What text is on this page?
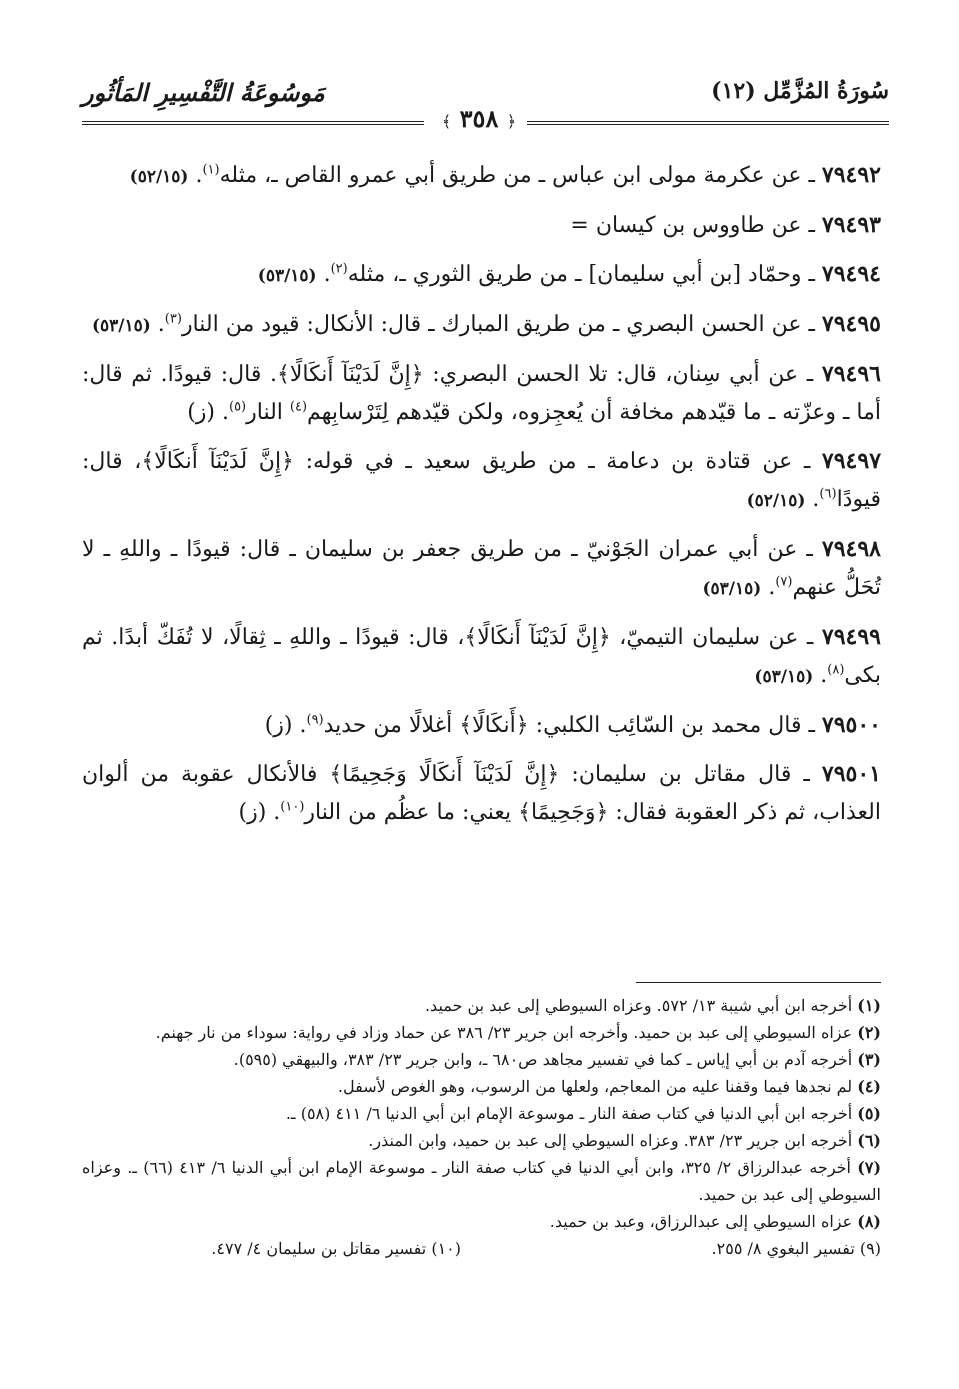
سُورَةُ المُزَّمِّل (١٢)
مَوسُوعَةُ التَّفْسِيرِ المَأثُور
﴿ ٣٥٨ ﴾

٧٩٤٩٢ ـ عن عكرمة مولى ابن عباس ـ من طريق أبي عمرو القاص ـ، مثله$^{(١)}$. (٥٢/١٥)

٧٩٤٩٣ ـ عن طاووس بن كيسان =

٧٩٤٩٤ ـ وحمّاد [بن أبي سليمان] ـ من طريق الثوري ـ، مثله$^{(٢)}$. (٥٣/١٥)

٧٩٤٩٥ ـ عن الحسن البصري ـ من طريق المبارك ـ قال: الأنكال: قيود من النار$^{(٣)}$. (٥٣/١٥)

٧٩٤٩٦ ـ عن أبي سِنان، قال: تلا الحسن البصري: ﴿إِنَّ لَدَيْنَآ أَنكَالًا﴾. قال: قيودًا. ثم قال: أما ـ وعزّته ـ ما قيّدهم مخافة أن يُعجِزوه، ولكن قيّدهم لِتَرْسابِهم$^{(٤)}$ النار$^{(٥)}$. (ز)

٧٩٤٩٧ ـ عن قتادة بن دعامة ـ من طريق سعيد ـ في قوله: ﴿إِنَّ لَدَيْنَآ أَنكَالًا﴾، قال: قيودًا$^{(٦)}$. (٥٢/١٥)

٧٩٤٩٨ ـ عن أبي عمران الجَوْنيّ ـ من طريق جعفر بن سليمان ـ قال: قيودًا ـ واللهِ ـ لا تُحَلُّ عنهم$^{(٧)}$. (٥٣/١٥)

٧٩٤٩٩ ـ عن سليمان التيميّ، ﴿إِنَّ لَدَيْنَآ أَنكَالًا﴾، قال: قيودًا ـ واللهِ ـ ثِقالًا، لا تُفَكّ أبدًا. ثم بكى$^{(٨)}$. (٥٣/١٥)

٧٩٥٠٠ ـ قال محمد بن السّائِب الكلبي: ﴿أَنكَالًا﴾ أغلالًا من حديد$^{(٩)}$. (ز)

٧٩٥٠١ ـ قال مقاتل بن سليمان: ﴿إِنَّ لَدَيْنَآ أَنكَالًا وَجَحِيمًا﴾ فالأنكال عقوبة من ألوان العذاب، ثم ذكر العقوبة فقال: ﴿وَجَحِيمًا﴾ يعني: ما عظُم من النار$^{(١٠)}$. (ز)

(١) أخرجه ابن أبي شيبة ١٣/ ٥٧٢. وعزاه السيوطي إلى عبد بن حميد.

(٢) عزاه السيوطي إلى عبد بن حميد. وأخرجه ابن جرير ٢٣/ ٣٨٦ عن حماد وزاد في رواية: سوداء من نار جهنم.

(٣) أخرجه آدم بن أبي إياس ـ كما في تفسير مجاهد ص٦٨٠ ـ، وابن جرير ٢٣/ ٣٨٣، والبيهقي (٥٩٥).

(٤) لم نجدها فيما وقفنا عليه من المعاجم، ولعلها من الرسوب، وهو الغوص لأسفل.

(٥) أخرجه ابن أبي الدنيا في كتاب صفة النار ـ موسوعة الإمام ابن أبي الدنيا ٦/ ٤١١ (٥٨) ـ.

(٦) أخرجه ابن جرير ٢٣/ ٣٨٣. وعزاه السيوطي إلى عبد بن حميد، وابن المنذر.

(٧) أخرجه عبدالرزاق ٢/ ٣٢٥، وابن أبي الدنيا في كتاب صفة النار ـ موسوعة الإمام ابن أبي الدنيا ٦/ ٤١٣ (٦٦) ـ. وعزاه السيوطي إلى عبد بن حميد.

(٨) عزاه السيوطي إلى عبدالرزاق، وعبد بن حميد.

(٩) تفسير البغوي ٨/ ٢٥٥.
(١٠) تفسير مقاتل بن سليمان ٤/ ٤٧٧.
